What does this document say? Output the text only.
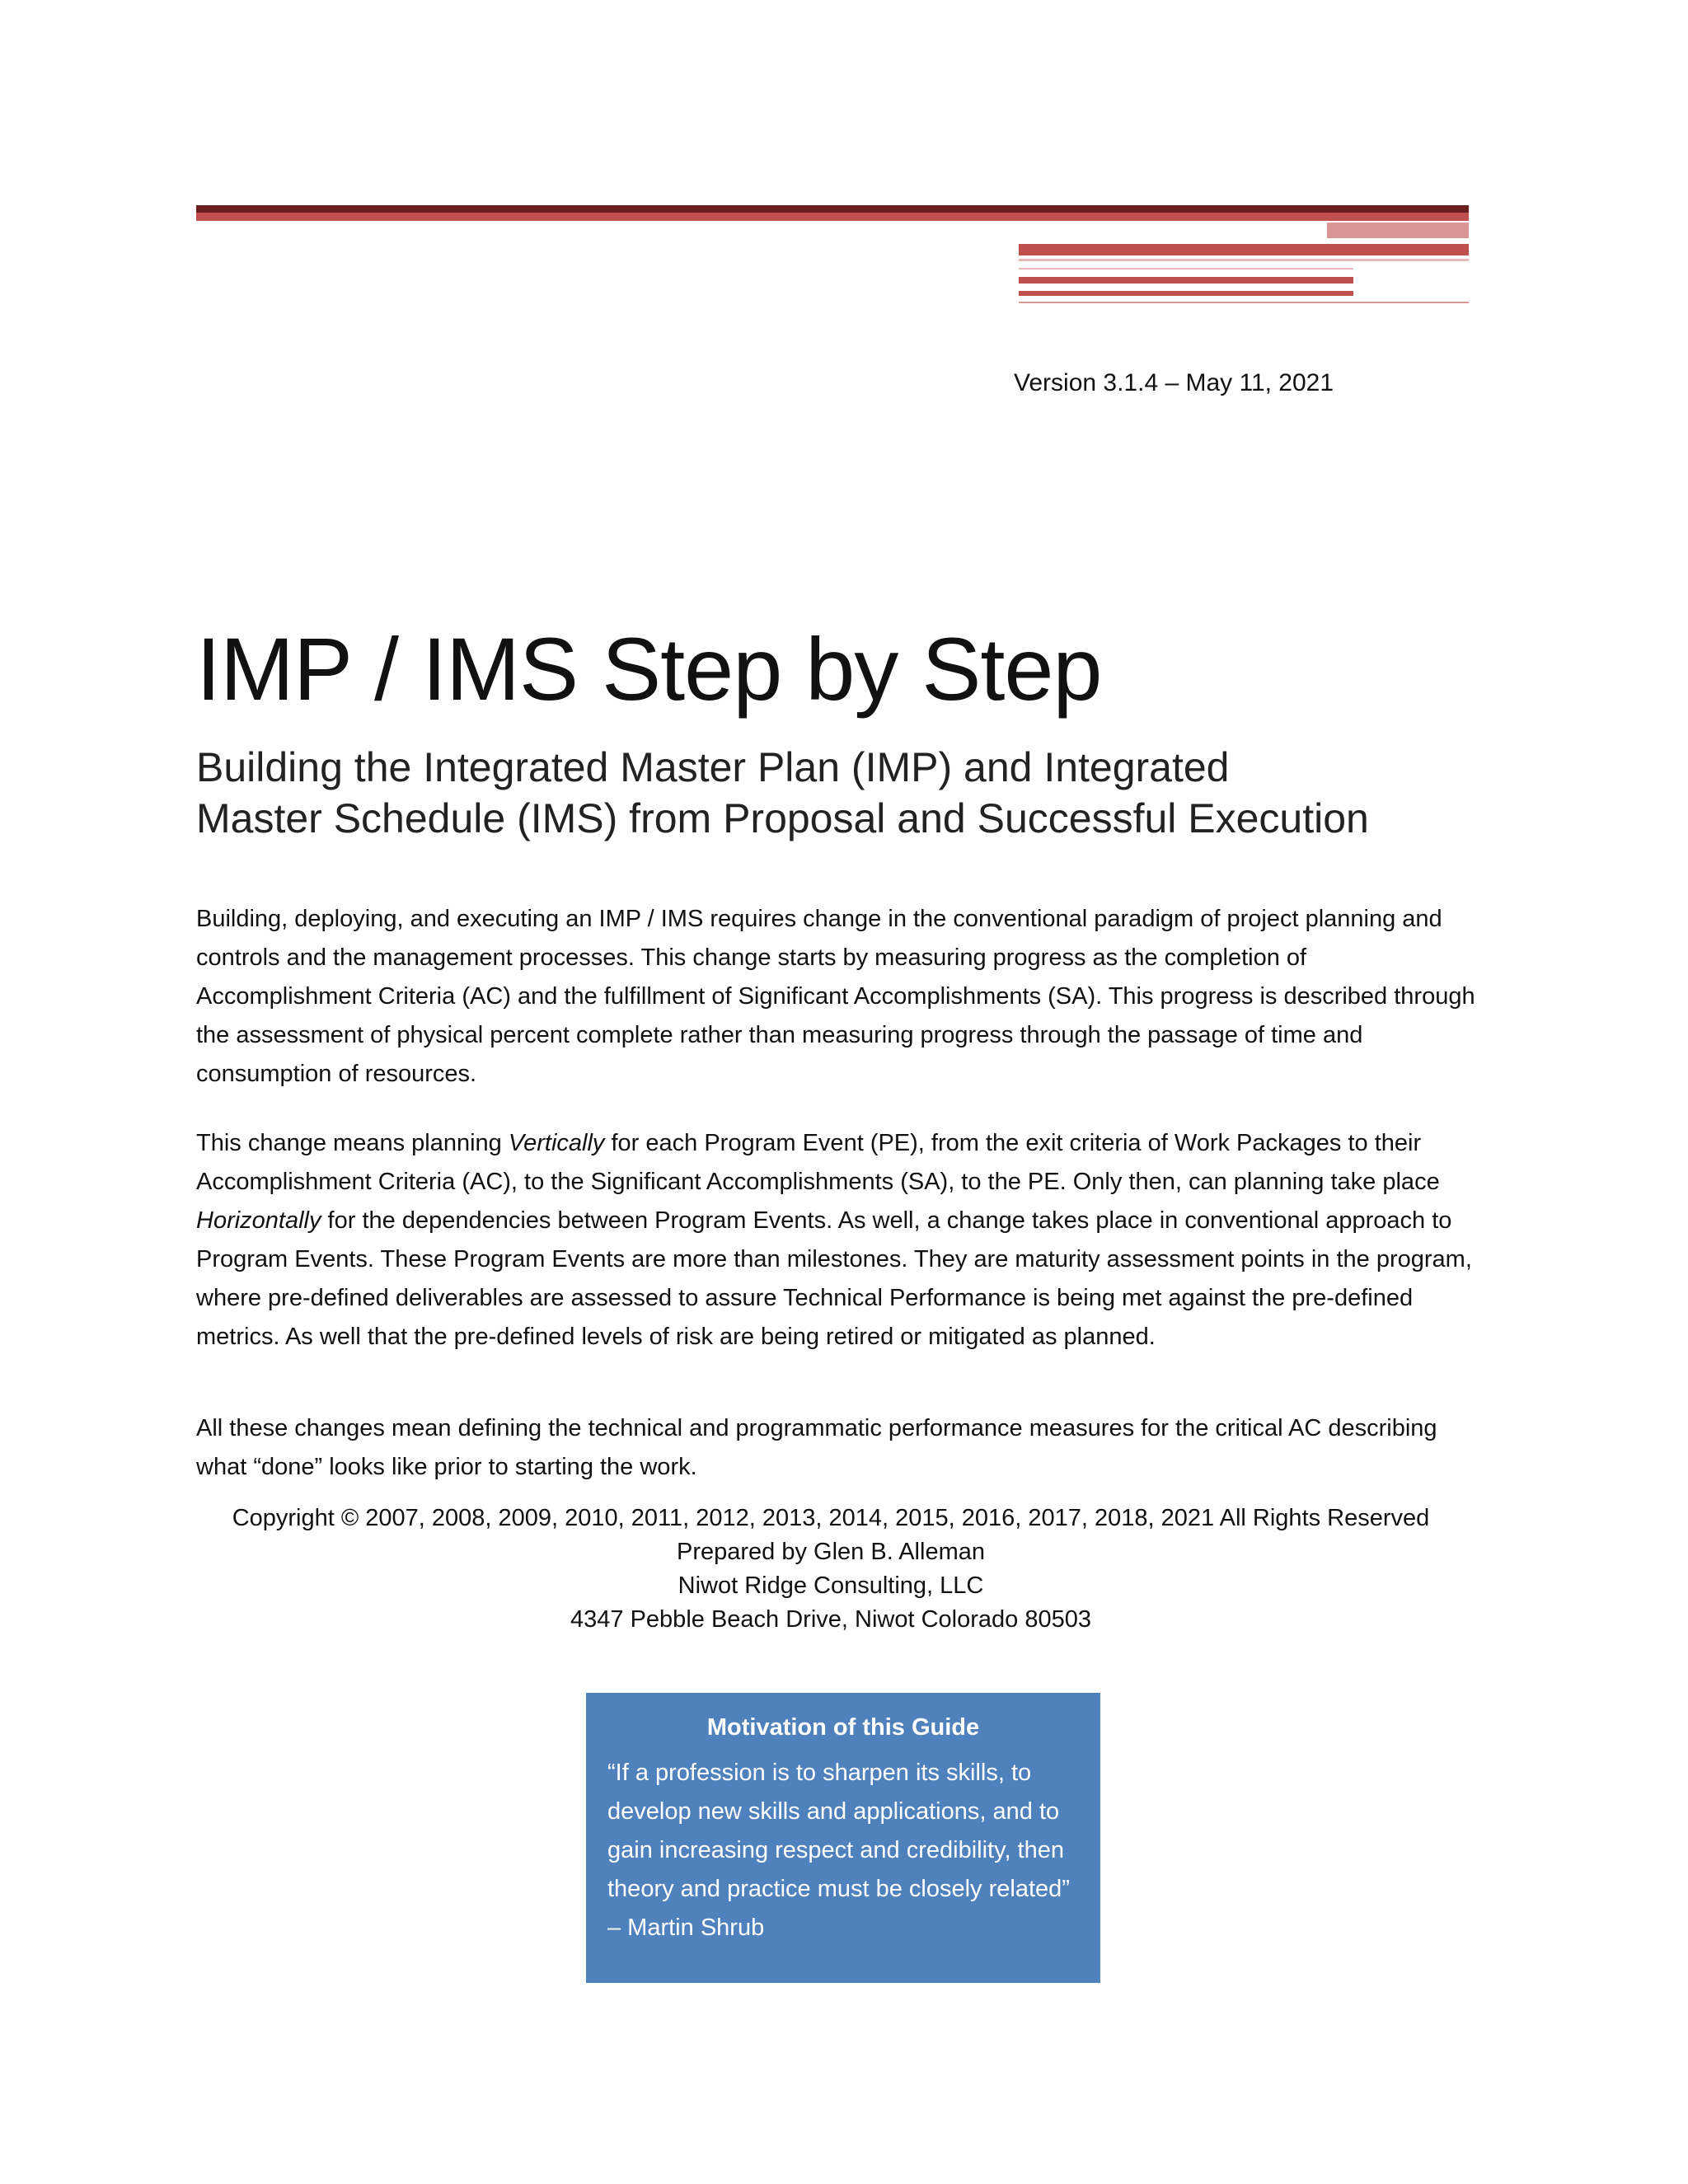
Version 3.1.4 – May 11, 2021
IMP / IMS Step by Step
Building the Integrated Master Plan (IMP) and Integrated
Master Schedule (IMS) from Proposal and Successful Execution

Building, deploying, and executing an IMP / IMS requires change in the conventional paradigm of project planning and controls and the management processes. This change starts by measuring progress as the completion of Accomplishment Criteria (AC) and the fulfillment of Significant Accomplishments (SA). This progress is described through the assessment of physical percent complete rather than measuring progress through the passage of time and consumption of resources.

This change means planning Vertically for each Program Event (PE), from the exit criteria of Work Packages to their Accomplishment Criteria (AC), to the Significant Accomplishments (SA), to the PE. Only then, can planning take place Horizontally for the dependencies between Program Events. As well, a change takes place in conventional approach to Program Events. These Program Events are more than milestones. They are maturity assessment points in the program, where pre-defined deliverables are assessed to assure Technical Performance is being met against the pre-defined metrics. As well that the pre-defined levels of risk are being retired or mitigated as planned.

All these changes mean defining the technical and programmatic performance measures for the critical AC describing what “done” looks like prior to starting the work.

Copyright © 2007, 2008, 2009, 2010, 2011, 2012, 2013, 2014, 2015, 2016, 2017, 2018, 2021 All Rights Reserved
Prepared by Glen B. Alleman
Niwot Ridge Consulting, LLC
4347 Pebble Beach Drive, Niwot Colorado 80503
Motivation of this Guide
“If a profession is to sharpen its skills, to develop new skills and applications, and to gain increasing respect and credibility, then theory and practice must be closely related” – Martin Shrub
